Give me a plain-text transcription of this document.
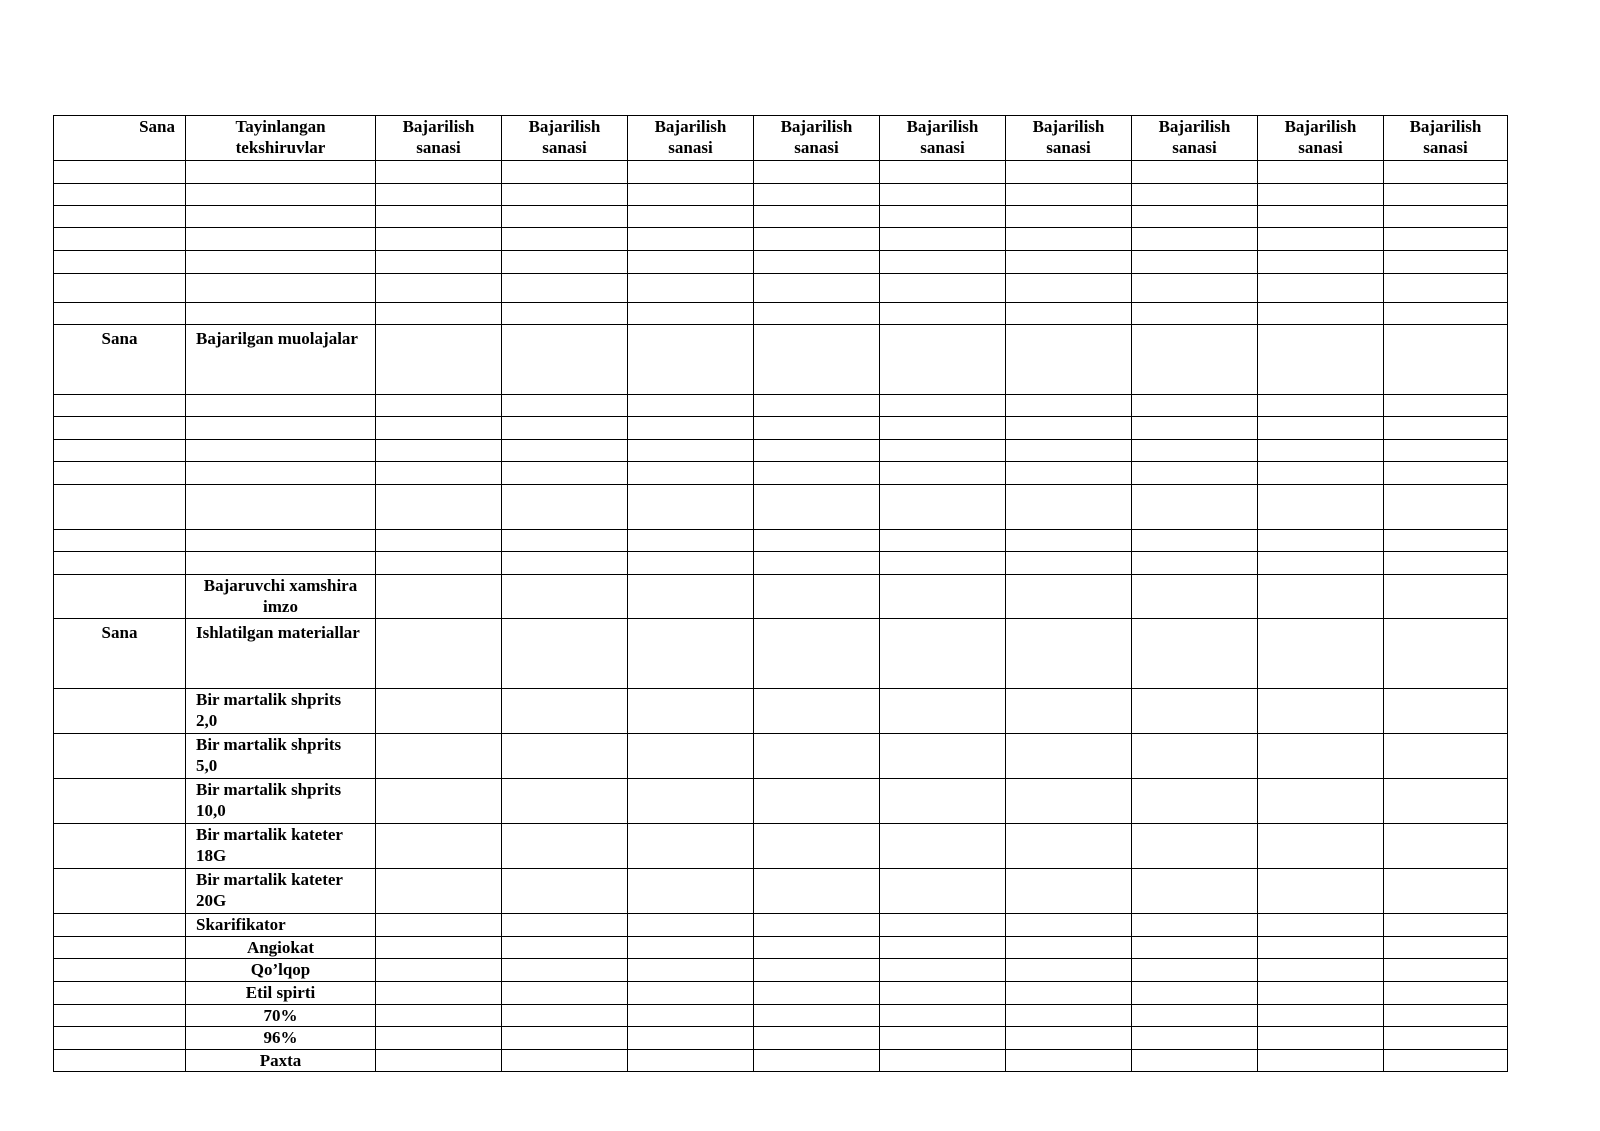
Sana	Tayinlangan tekshiruvlar	Bajarilish sanasi	Bajarilish sanasi	Bajarilish sanasi	Bajarilish sanasi	Bajarilish sanasi	Bajarilish sanasi	Bajarilish sanasi	Bajarilish sanasi	Bajarilish sanasi

Sana	Bajarilgan muolajalar									

	Bajaruvchi xamshira imzo									
Sana	Ishlatilgan materiallar									
	Bir martalik shprits 2,0									
	Bir martalik shprits 5,0									
	Bir martalik shprits 10,0									
	Bir martalik kateter 18G									
	Bir martalik kateter 20G									
	Skarifikator									
	Angiokat									
	Qo’lqop									
	Etil spirti									
	70%									
	96%									
	Paxta									
